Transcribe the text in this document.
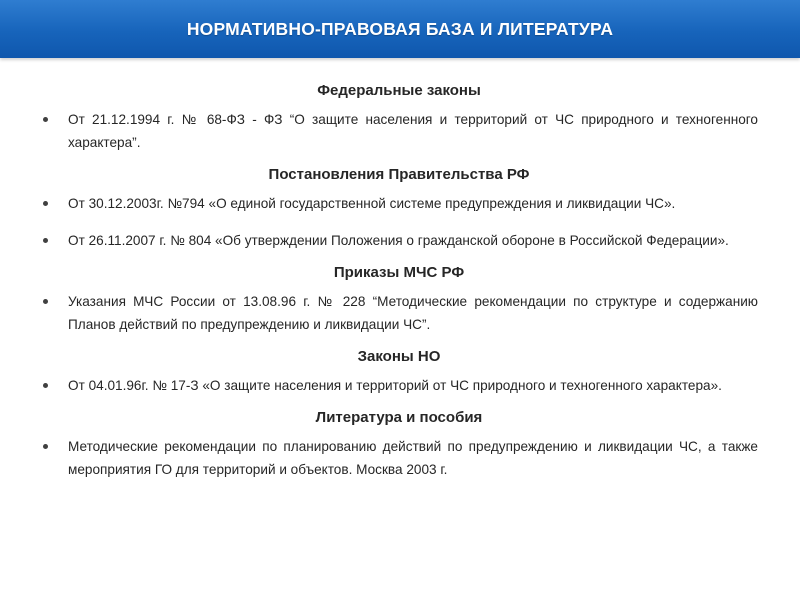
НОРМАТИВНО-ПРАВОВАЯ БАЗА И ЛИТЕРАТУРА

Федеральные законы

От 21.12.1994 г. № 68-ФЗ - ФЗ “О защите населения и территорий от ЧС природного и техногенного характера”.

Постановления Правительства РФ

От 30.12.2003г. №794 «О единой государственной системе предупреждения и ликвидации ЧС».
От 26.11.2007 г. № 804 «Об утверждении Положения о гражданской обороне в Российской Федерации».

Приказы МЧС РФ

Указания МЧС России от 13.08.96 г. № 228 “Методические рекомендации по структуре и содержанию Планов действий по предупреждению и ликвидации ЧС”.

Законы НО

От 04.01.96г. № 17-З «О защите населения и территорий от ЧС природного и техногенного характера».

Литература и пособия

Методические рекомендации по планированию действий по предупреждению и ликвидации ЧС, а также мероприятия ГО для территорий и объектов. Москва 2003 г.
